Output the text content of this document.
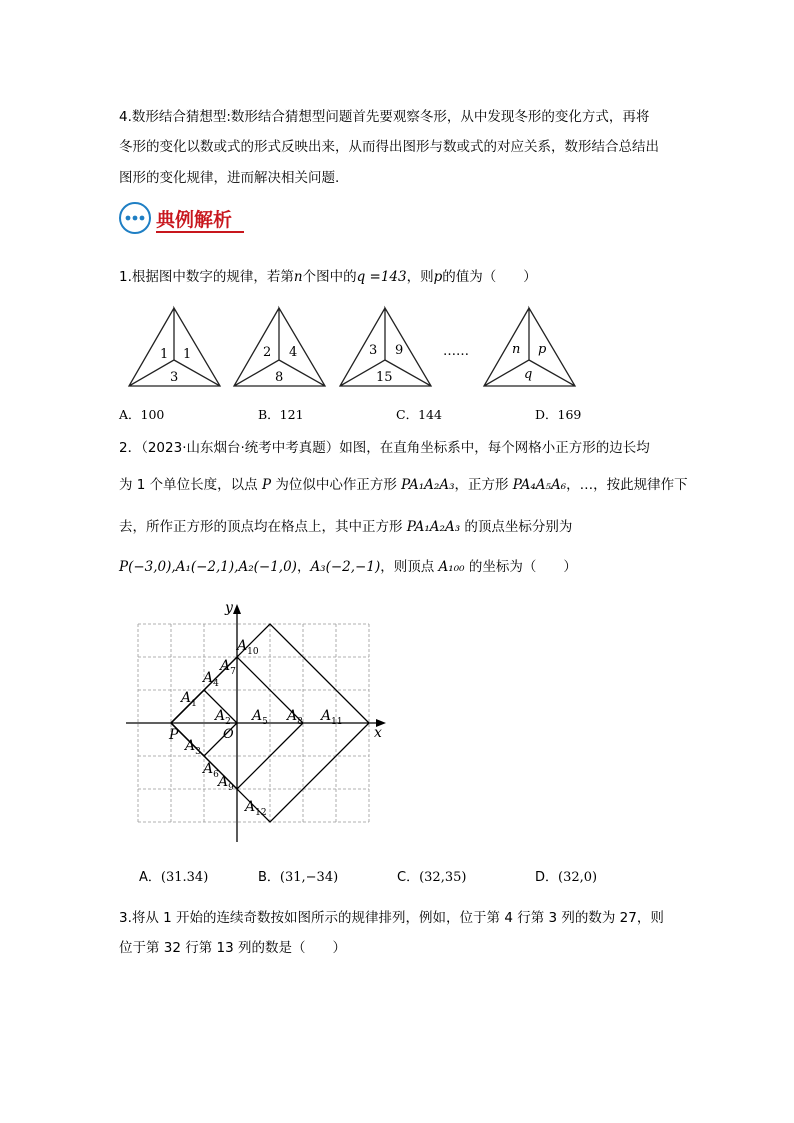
4.数形结合猜想型:数形结合猜想型问题首先要观察冬形，从中发现冬形的变化方式，再将
冬形的变化以数或式的形式反映出来，从而得出图形与数或式的对应关系，数形结合总结出
图形的变化规律，进而解决相关问题.
典例解析
1.根据图中数字的规律，若第n个图中的q =143，则p的值为（　　）
1 1
3
2 4
8
3 9
15
……	n p
q
A．100	B．121	C．144	D．169
2．（2023·山东烟台·统考中考真题）如图，在直角坐标系中，每个网格小正方形的边长均
为 1 个单位长度，以点 P 为位似中心作正方形 PA₁A₂A₃，正方形 PA₄A₅A₆，…，按此规律作下
去，所作正方形的顶点均在格点上，其中正方形 PA₁A₂A₃ 的顶点坐标分别为
P(−3,0),A₁(−2,1),A₂(−1,0)，A₃(−2,−1)，则顶点 A₁₀₀ 的坐标为（　　）
x
y
O
P
$A_1$
$A_2$
$A_3$
$A_4$
$A_5$
$A_6$
$A_7$
$A_8$
$A_9$
$A_{10}$
$A_{11}$
$A_{12}$
A．(31.34)	B．(31,−34)	C．(32,35)	D．(32,0)
3.将从 1 开始的连续奇数按如图所示的规律排列，例如，位于第 4 行第 3 列的数为 27，则
位于第 32 行第 13 列的数是（　　）
